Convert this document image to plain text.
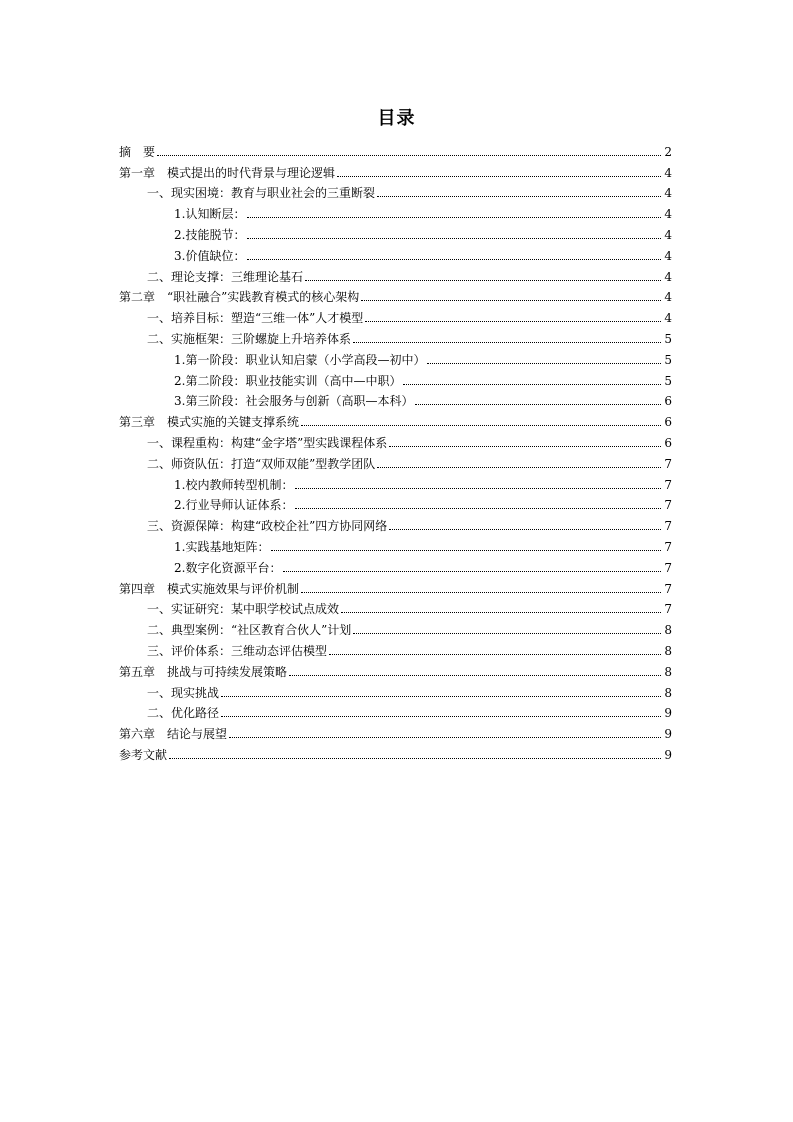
目录
摘　要	2
第一章　模式提出的时代背景与理论逻辑	4
一、现实困境：教育与职业社会的三重断裂	4
1.认知断层：	4
2.技能脱节：	4
3.价值缺位：	4
二、理论支撑：三维理论基石	4
第二章　“职社融合”实践教育模式的核心架构	4
一、培养目标：塑造“三维一体”人才模型	4
二、实施框架：三阶螺旋上升培养体系	5
1.第一阶段：职业认知启蒙（小学高段—初中）	5
2.第二阶段：职业技能实训（高中—中职）	5
3.第三阶段：社会服务与创新（高职—本科）	6
第三章　模式实施的关键支撑系统	6
一、课程重构：构建“金字塔”型实践课程体系	6
二、师资队伍：打造“双师双能”型教学团队	7
1.校内教师转型机制：	7
2.行业导师认证体系：	7
三、资源保障：构建“政校企社”四方协同网络	7
1.实践基地矩阵：	7
2.数字化资源平台：	7
第四章　模式实施效果与评价机制	7
一、实证研究：某中职学校试点成效	7
二、典型案例：“社区教育合伙人”计划	8
三、评价体系：三维动态评估模型	8
第五章　挑战与可持续发展策略	8
一、现实挑战	8
二、优化路径	9
第六章　结论与展望	9
参考文献	9
